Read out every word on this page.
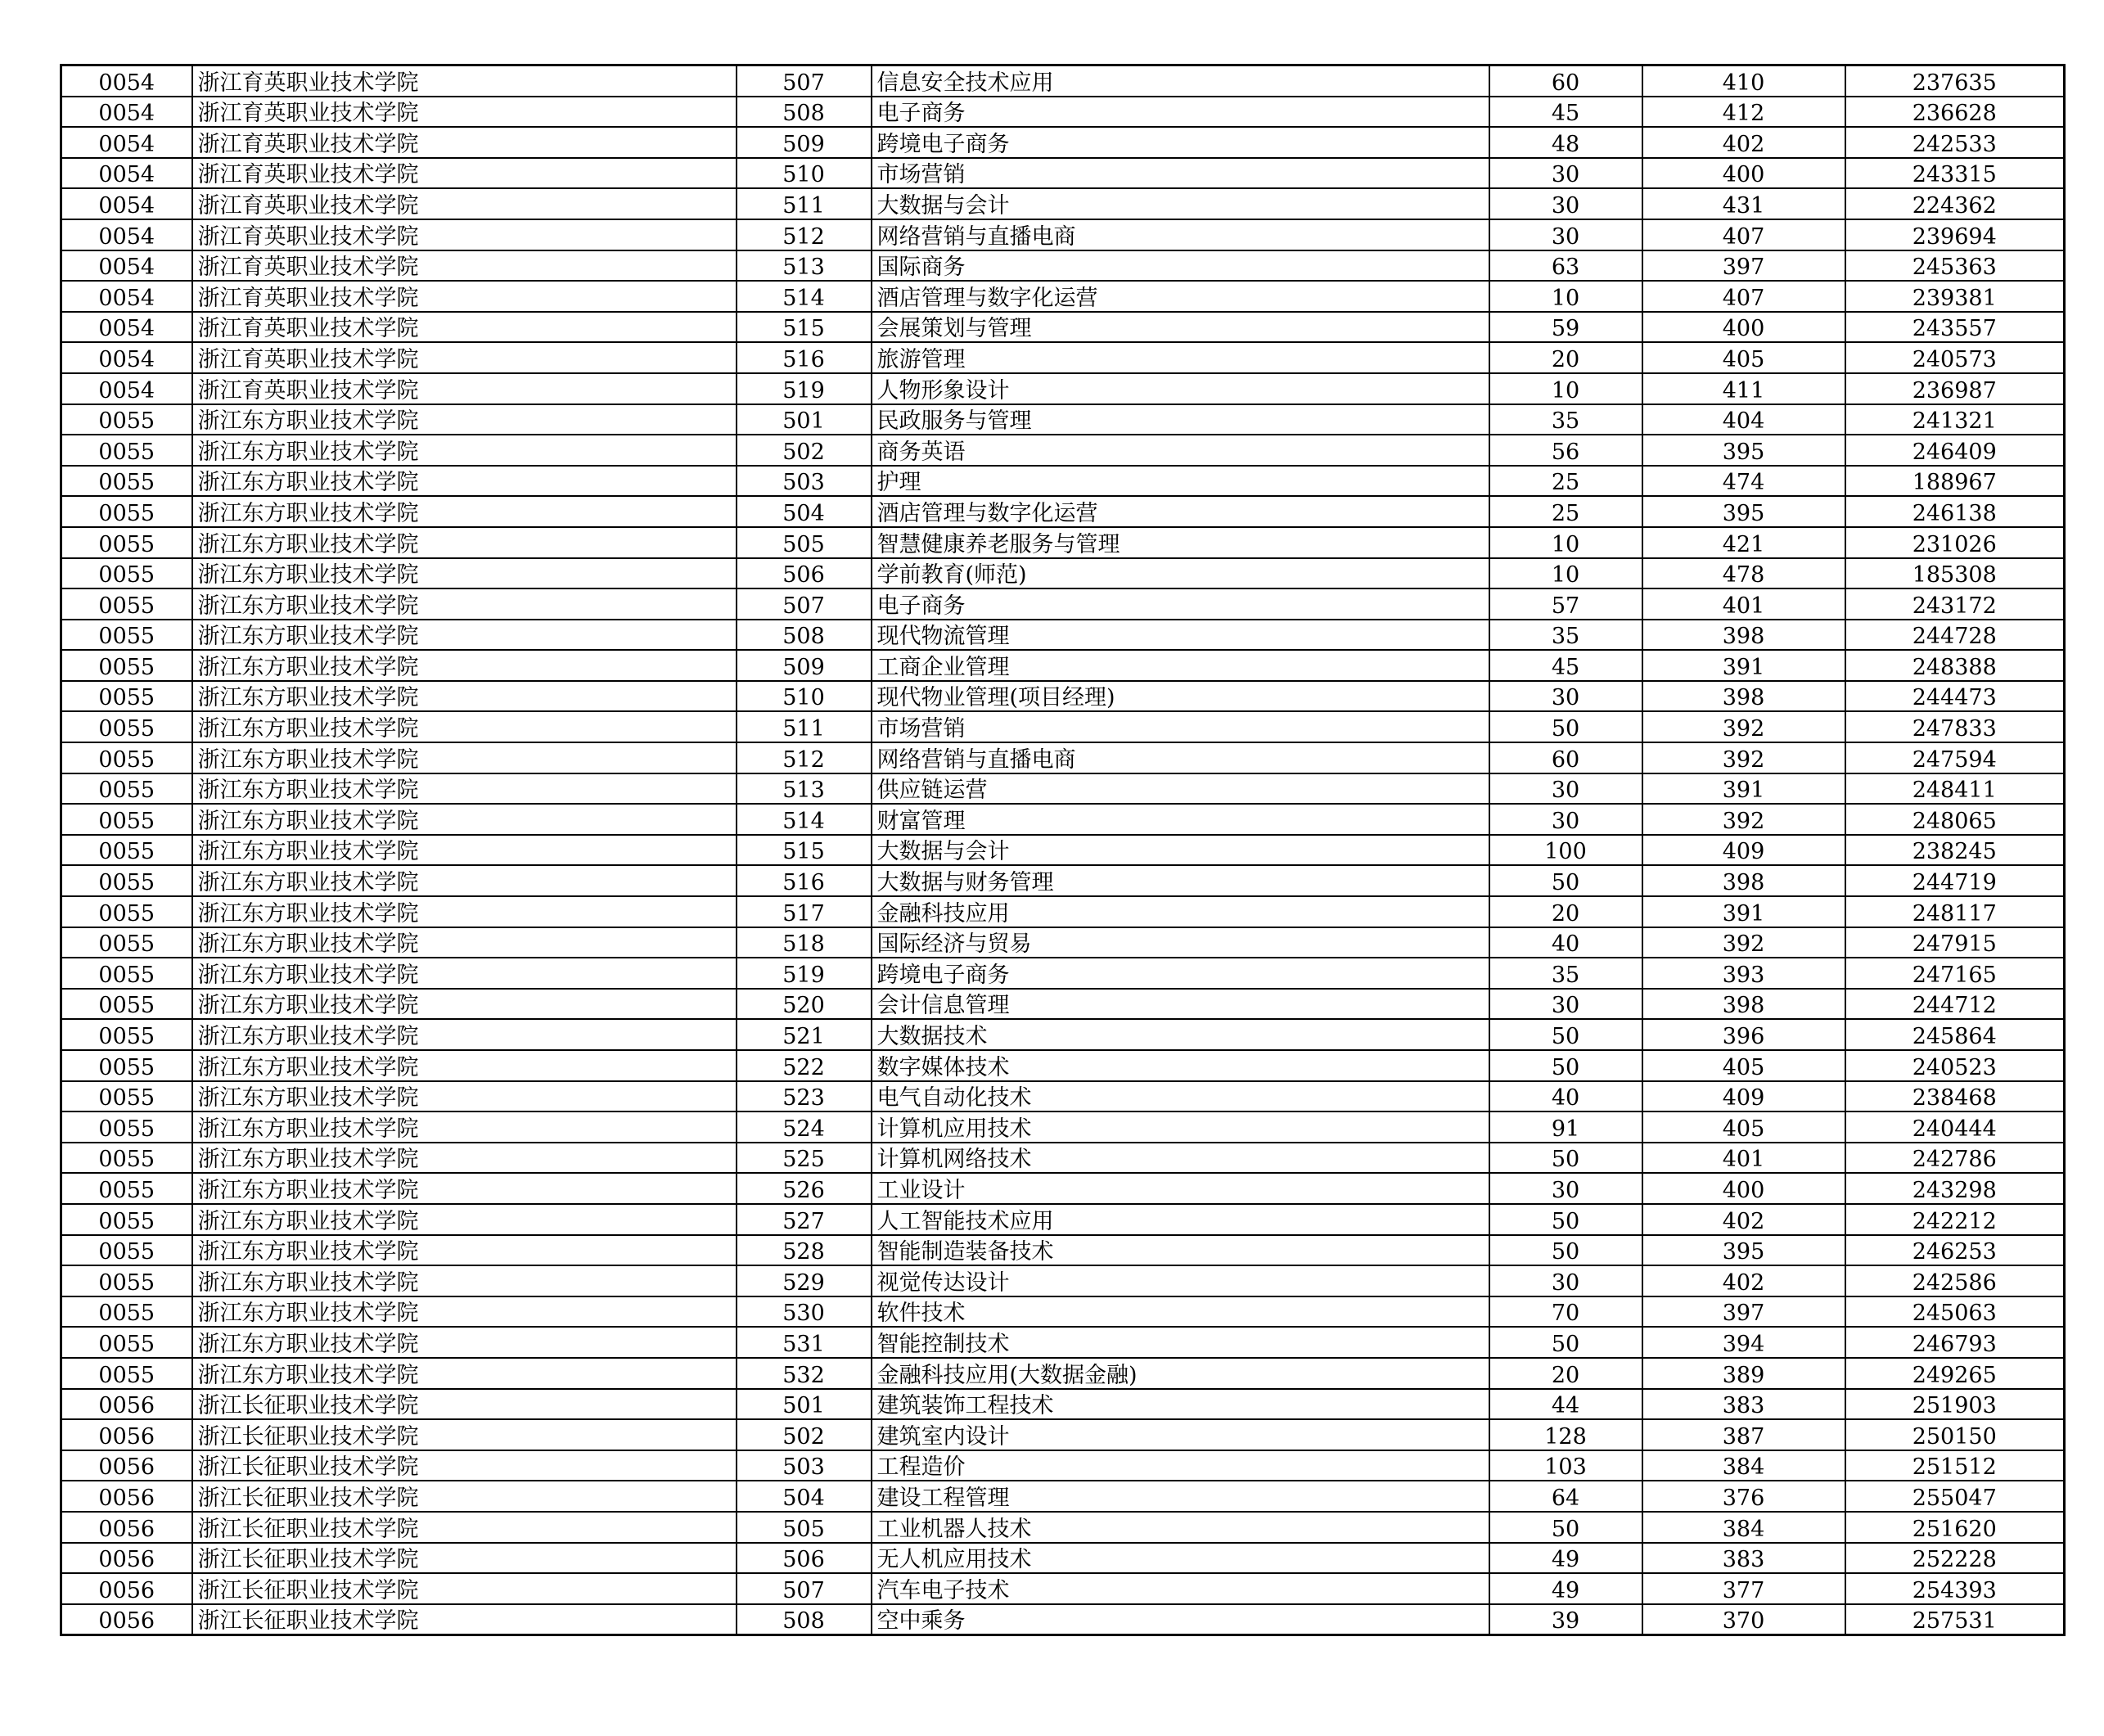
0054	浙江育英职业技术学院	507	信息安全技术应用	60	410	237635
0054	浙江育英职业技术学院	508	电子商务	45	412	236628
0054	浙江育英职业技术学院	509	跨境电子商务	48	402	242533
0054	浙江育英职业技术学院	510	市场营销	30	400	243315
0054	浙江育英职业技术学院	511	大数据与会计	30	431	224362
0054	浙江育英职业技术学院	512	网络营销与直播电商	30	407	239694
0054	浙江育英职业技术学院	513	国际商务	63	397	245363
0054	浙江育英职业技术学院	514	酒店管理与数字化运营	10	407	239381
0054	浙江育英职业技术学院	515	会展策划与管理	59	400	243557
0054	浙江育英职业技术学院	516	旅游管理	20	405	240573
0054	浙江育英职业技术学院	519	人物形象设计	10	411	236987
0055	浙江东方职业技术学院	501	民政服务与管理	35	404	241321
0055	浙江东方职业技术学院	502	商务英语	56	395	246409
0055	浙江东方职业技术学院	503	护理	25	474	188967
0055	浙江东方职业技术学院	504	酒店管理与数字化运营	25	395	246138
0055	浙江东方职业技术学院	505	智慧健康养老服务与管理	10	421	231026
0055	浙江东方职业技术学院	506	学前教育(师范)	10	478	185308
0055	浙江东方职业技术学院	507	电子商务	57	401	243172
0055	浙江东方职业技术学院	508	现代物流管理	35	398	244728
0055	浙江东方职业技术学院	509	工商企业管理	45	391	248388
0055	浙江东方职业技术学院	510	现代物业管理(项目经理)	30	398	244473
0055	浙江东方职业技术学院	511	市场营销	50	392	247833
0055	浙江东方职业技术学院	512	网络营销与直播电商	60	392	247594
0055	浙江东方职业技术学院	513	供应链运营	30	391	248411
0055	浙江东方职业技术学院	514	财富管理	30	392	248065
0055	浙江东方职业技术学院	515	大数据与会计	100	409	238245
0055	浙江东方职业技术学院	516	大数据与财务管理	50	398	244719
0055	浙江东方职业技术学院	517	金融科技应用	20	391	248117
0055	浙江东方职业技术学院	518	国际经济与贸易	40	392	247915
0055	浙江东方职业技术学院	519	跨境电子商务	35	393	247165
0055	浙江东方职业技术学院	520	会计信息管理	30	398	244712
0055	浙江东方职业技术学院	521	大数据技术	50	396	245864
0055	浙江东方职业技术学院	522	数字媒体技术	50	405	240523
0055	浙江东方职业技术学院	523	电气自动化技术	40	409	238468
0055	浙江东方职业技术学院	524	计算机应用技术	91	405	240444
0055	浙江东方职业技术学院	525	计算机网络技术	50	401	242786
0055	浙江东方职业技术学院	526	工业设计	30	400	243298
0055	浙江东方职业技术学院	527	人工智能技术应用	50	402	242212
0055	浙江东方职业技术学院	528	智能制造装备技术	50	395	246253
0055	浙江东方职业技术学院	529	视觉传达设计	30	402	242586
0055	浙江东方职业技术学院	530	软件技术	70	397	245063
0055	浙江东方职业技术学院	531	智能控制技术	50	394	246793
0055	浙江东方职业技术学院	532	金融科技应用(大数据金融)	20	389	249265
0056	浙江长征职业技术学院	501	建筑装饰工程技术	44	383	251903
0056	浙江长征职业技术学院	502	建筑室内设计	128	387	250150
0056	浙江长征职业技术学院	503	工程造价	103	384	251512
0056	浙江长征职业技术学院	504	建设工程管理	64	376	255047
0056	浙江长征职业技术学院	505	工业机器人技术	50	384	251620
0056	浙江长征职业技术学院	506	无人机应用技术	49	383	252228
0056	浙江长征职业技术学院	507	汽车电子技术	49	377	254393
0056	浙江长征职业技术学院	508	空中乘务	39	370	257531
